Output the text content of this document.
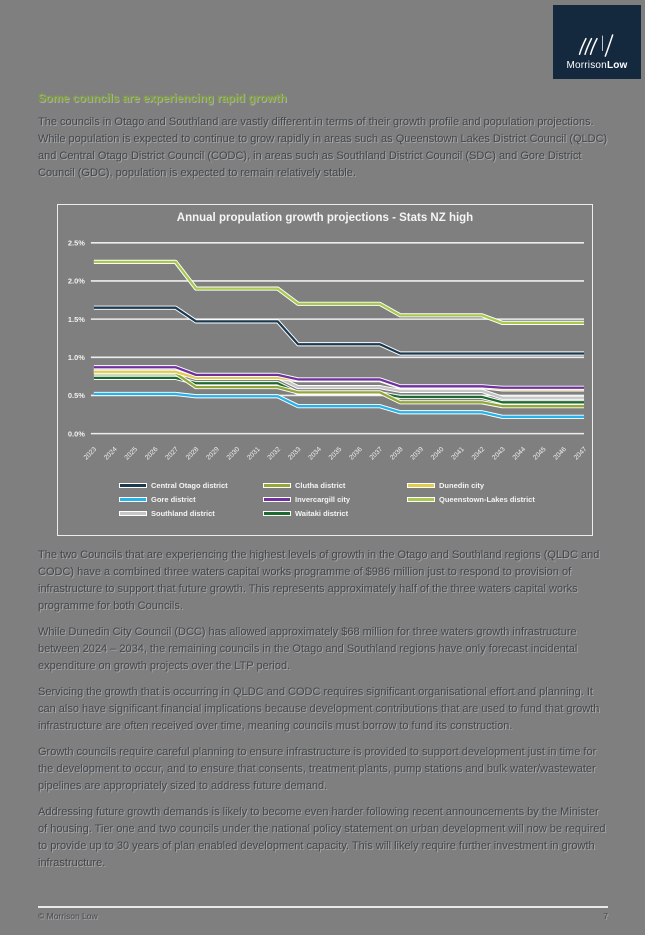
MorrisonLow
Some councils are experiencing rapid growth

The councils in Otago and Southland are vastly different in terms of their growth profile and population projections. While population is expected to continue to grow rapidly in areas such as Queenstown Lakes District Council (QLDC) and Central Otago District Council (CODC), in areas such as Southland District Council (SDC) and Gore District Council (GDC), population is expected to remain relatively stable.

Annual propulation growth projections - Stats NZ high
0.0%
0.5%
1.0%
1.5%
2.0%
2.5%
2023 2024 2025 2026 2027 2028 2029 2030 2031 2032 2033 2034 2035 2036 2037 2038 2039 2040 2041 2042 2043 2044 2045 2046 2047
Central Otago district	Clutha district	Dunedin city
Gore district	Invercargill city	Queenstown-Lakes district
Southland district	Waitaki district

The two Councils that are experiencing the highest levels of growth in the Otago and Southland regions (QLDC and CODC) have a combined three waters capital works programme of $986 million just to respond to provision of infrastructure to support that future growth. This represents approximately half of the three waters capital works programme for both Councils.

While Dunedin City Council (DCC) has allowed approximately $68 million for three waters growth infrastructure between 2024 – 2034, the remaining councils in the Otago and Southland regions have only forecast incidental expenditure on growth projects over the LTP period.

Servicing the growth that is occurring in QLDC and CODC requires significant organisational effort and planning. It can also have significant financial implications because development contributions that are used to fund that growth infrastructure are often received over time, meaning councils must borrow to fund its construction.

Growth councils require careful planning to ensure infrastructure is provided to support development just in time for the development to occur, and to ensure that consents, treatment plants, pump stations and bulk water/wastewater pipelines are appropriately sized to address future demand.

Addressing future growth demands is likely to become even harder following recent announcements by the Minister of housing. Tier one and two councils under the national policy statement on urban development will now be required to provide up to 30 years of plan enabled development capacity. This will likely require further investment in growth infrastructure.

© Morrison Low	7
